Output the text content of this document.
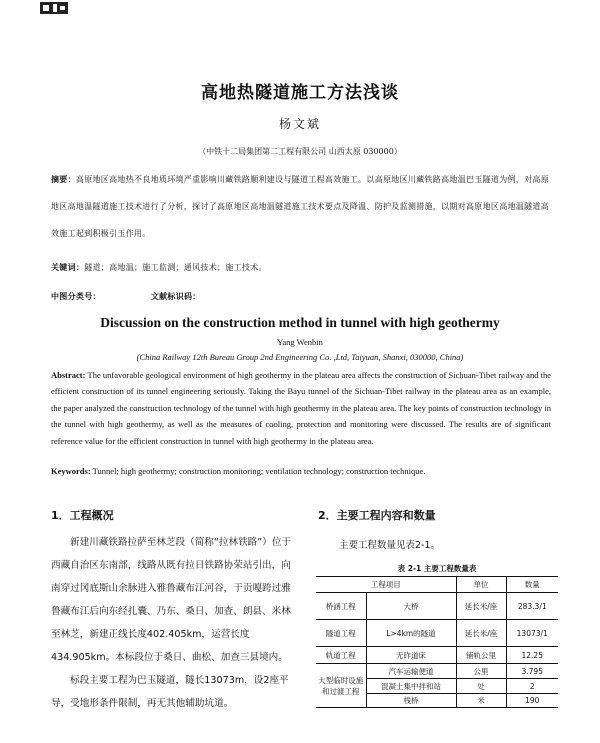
高地热隧道施工方法浅谈
杨文斌
（中铁十二局集团第二工程有限公司 山西太原 030000）
摘要：高原地区高地热不良地质环境严重影响川藏铁路顺利建设与隧道工程高效施工。以高原地区川藏铁路高地温巴玉隧道为例，对高原地区高地温隧道施工技术进行了分析，探讨了高原地区高地温隧道施工技术要点及降温、防护及监测措施，以期对高原地区高地温隧道高效施工起到积极引玉作用。
关键词：隧道；高地温；施工监测；通风技术；施工技术。
中图分类号：	文献标识码：
Discussion on the construction method in tunnel with high geothermy
Yang Wenbin
(China Railway 12th Bureau Group 2nd Engineering Co. ,Ltd, Taiyuan, Shanxi, 030000, China)
Abstract: The unfavorable geological environment of high geothermy in the plateau area affects the construction of Sichuan-Tibet railway and the efficient construction of its tunnel engineering seriously. Taking the Bayu tunnel of the Sichuan-Tibet railway in the plateau area as an example, the paper analyzed the construction technology of the tunnel with high geothermy in the plateau area. The key points of construction technology in the tunnel with high geothermy, as well as the measures of cooling, protection and monitoring were discussed. The results are of significant reference value for the efficient construction in tunnel with high geothermy in the plateau area.
Keywords: Tunnel; high geothermy; construction monitoring; ventilation technology; construction technique.
1．工程概况

新建川藏铁路拉萨至林芝段（简称“拉林铁路”）位于西藏自治区东南部，线路从既有拉日铁路协荣站引出，向南穿过冈底斯山余脉进入雅鲁藏布江河谷，于贡嘎跨过雅鲁藏布江后向东经扎囊、乃东、桑日、加查、朗县、米林至林芝，新建正线长度402.405km，运营长度434.905km。本标段位于桑日、曲松、加查三县境内。

标段主要工程为巴玉隧道，隧长13073m，设2座平导，受地形条件限制，再无其他辅助坑道。

2．主要工程内容和数量
主要工程数量见表2-1。
表 2-1 主要工程数量表
工程项目		单位	数量
桥涵工程	大桥	延长米/座	283.3/1
隧道工程	L>4km的隧道	延长米/座	13073/1
轨道工程	无砟道床	铺轨公里	12.25
大型临时设施和过渡工程	汽车运输便道	公里	3.795
	混凝土集中拌和站	处	2
	栈桥	米	190
